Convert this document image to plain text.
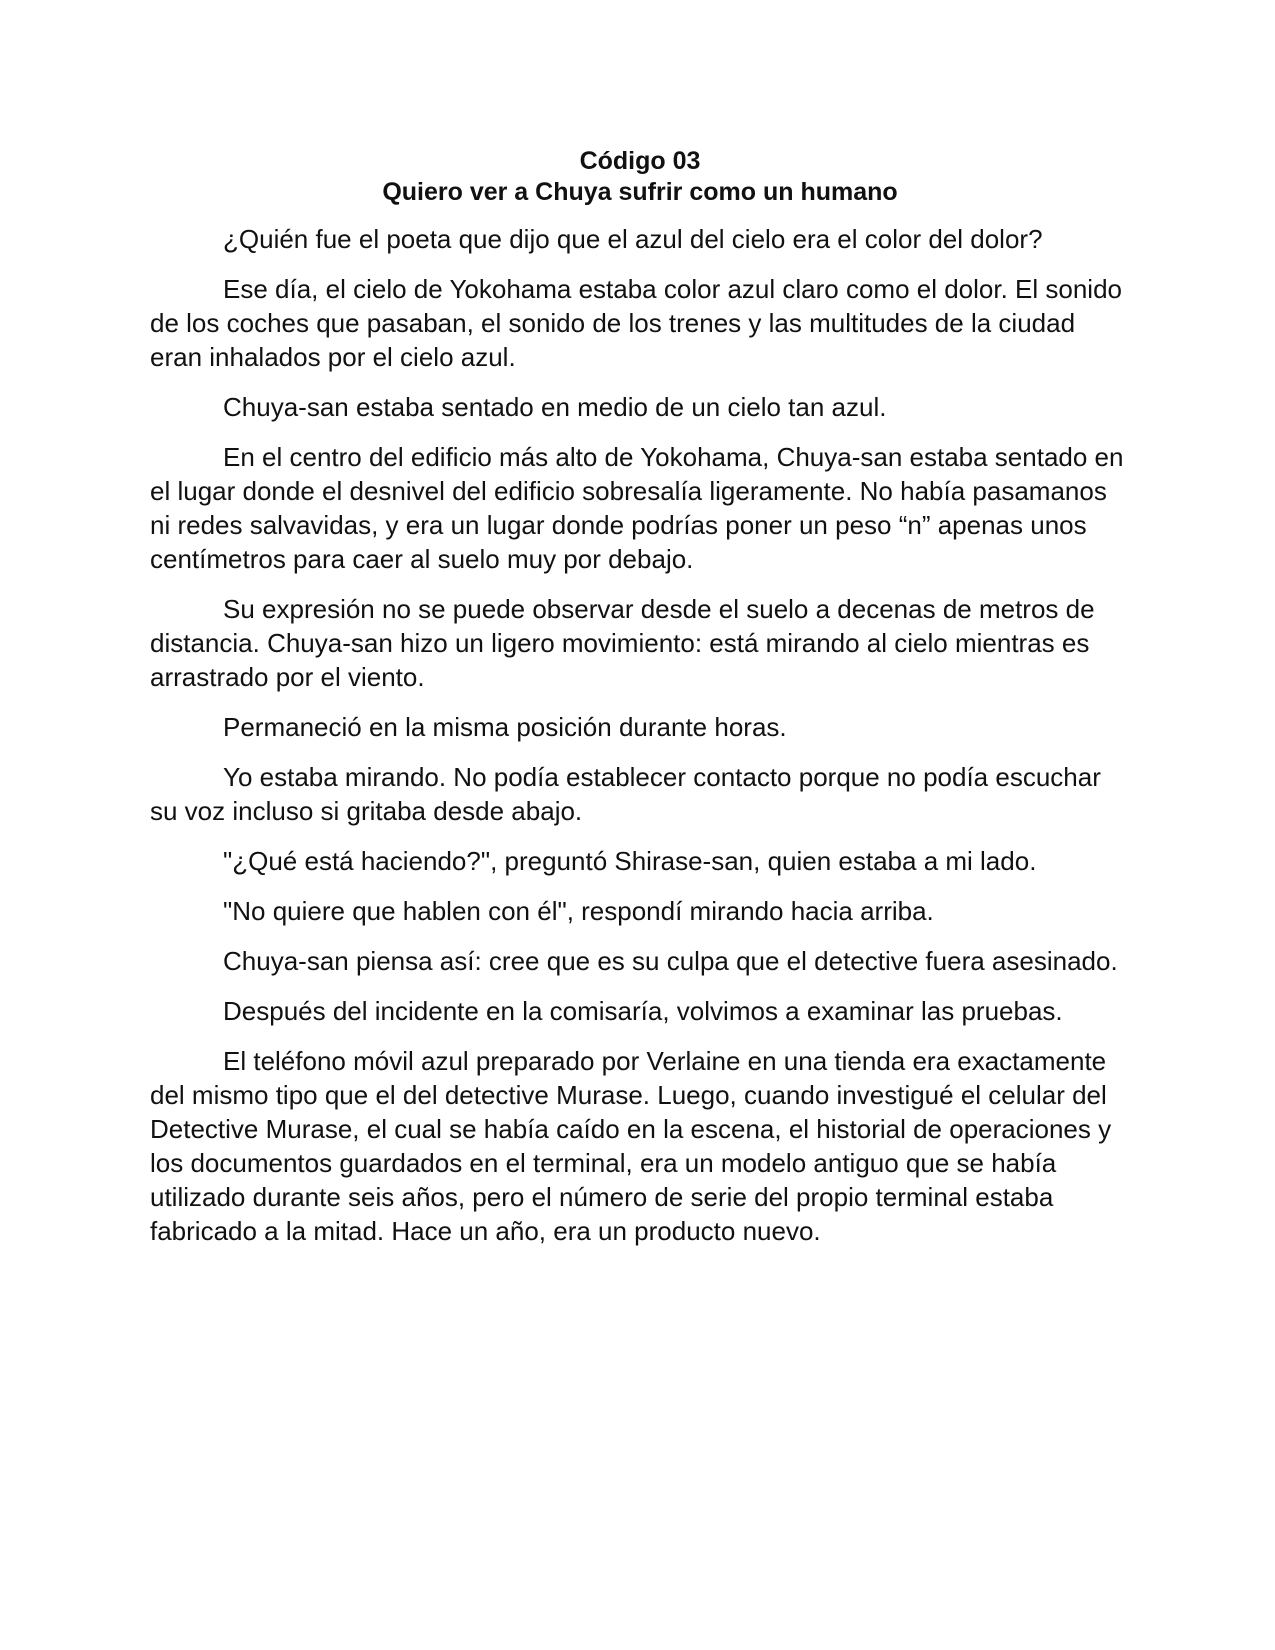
Código 03
Quiero ver a Chuya sufrir como un humano

¿Quién fue el poeta que dijo que el azul del cielo era el color del dolor?

Ese día, el cielo de Yokohama estaba color azul claro como el dolor. El sonido de los coches que pasaban, el sonido de los trenes y las multitudes de la ciudad eran inhalados por el cielo azul.

Chuya-san estaba sentado en medio de un cielo tan azul.

En el centro del edificio más alto de Yokohama, Chuya-san estaba sentado en el lugar donde el desnivel del edificio sobresalía ligeramente. No había pasamanos ni redes salvavidas, y era un lugar donde podrías poner un peso “n” apenas unos centímetros para caer al suelo muy por debajo.

Su expresión no se puede observar desde el suelo a decenas de metros de distancia. Chuya-san hizo un ligero movimiento: está mirando al cielo mientras es arrastrado por el viento.

Permaneció en la misma posición durante horas.

Yo estaba mirando. No podía establecer contacto porque no podía escuchar su voz incluso si gritaba desde abajo.

"¿Qué está haciendo?", preguntó Shirase-san, quien estaba a mi lado.

"No quiere que hablen con él", respondí mirando hacia arriba.

Chuya-san piensa así: cree que es su culpa que el detective fuera asesinado.

Después del incidente en la comisaría, volvimos a examinar las pruebas.

El teléfono móvil azul preparado por Verlaine en una tienda era exactamente del mismo tipo que el del detective Murase. Luego, cuando investigué el celular del Detective Murase, el cual se había caído en la escena, el historial de operaciones y los documentos guardados en el terminal, era un modelo antiguo que se había utilizado durante seis años, pero el número de serie del propio terminal estaba fabricado a la mitad. Hace un año, era un producto nuevo.
